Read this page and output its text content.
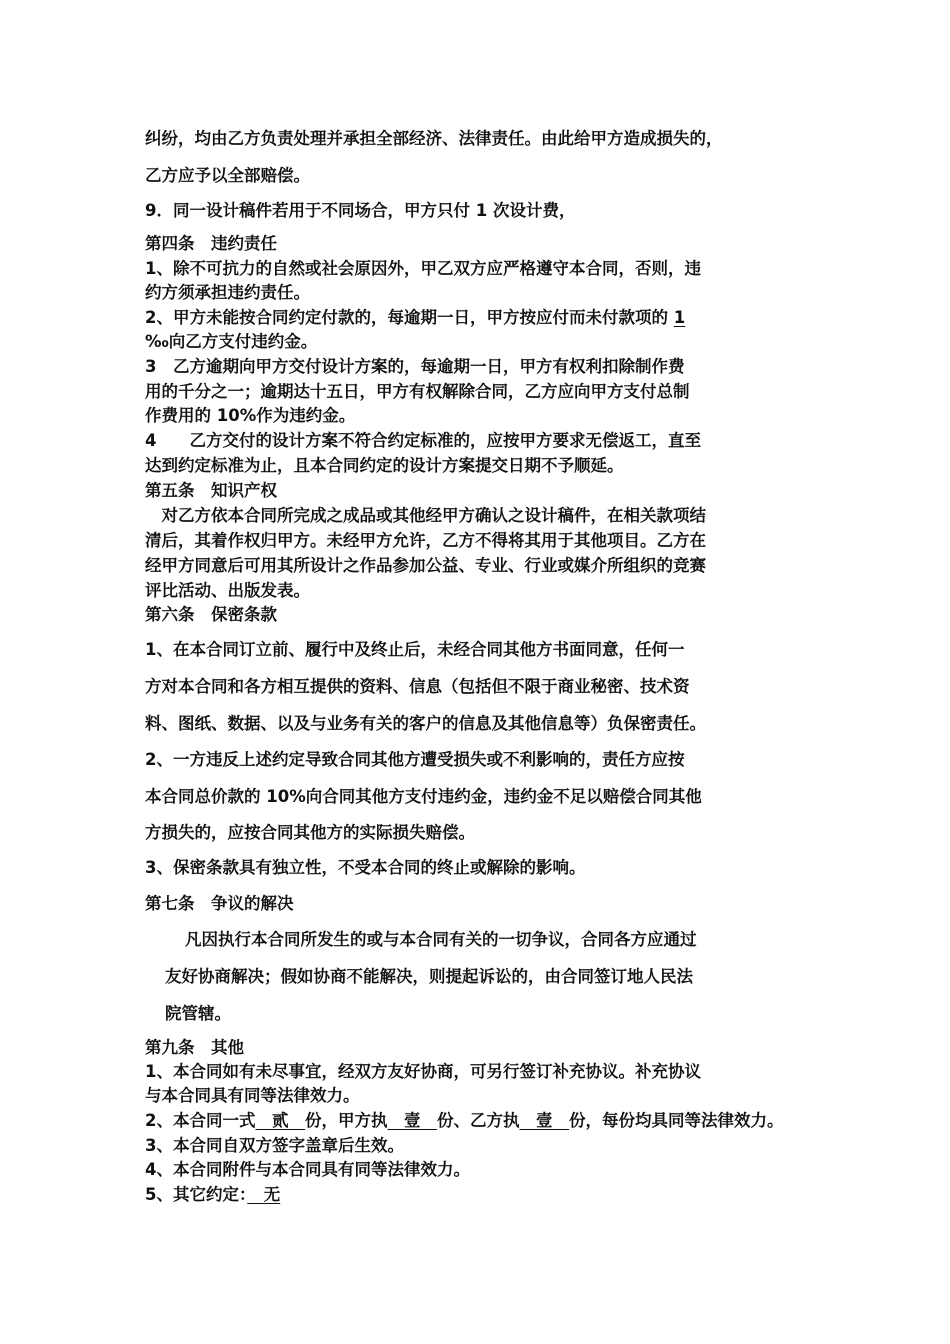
纠纷，均由乙方负责处理并承担全部经济、法律责任。由此给甲方造成损失的，
乙方应予以全部赔偿。
9．同一设计稿件若用于不同场合，甲方只付 1 次设计费，
第四条　违约责任
1、除不可抗力的自然或社会原因外，甲乙双方应严格遵守本合同，否则，违
约方须承担违约责任。
2、甲方未能按合同约定付款的，每逾期一日，甲方按应付而未付款项的 1
‰向乙方支付违约金。
3　乙方逾期向甲方交付设计方案的，每逾期一日，甲方有权利扣除制作费
用的千分之一；逾期达十五日，甲方有权解除合同，乙方应向甲方支付总制
作费用的 10%作为违约金。
4　　乙方交付的设计方案不符合约定标准的，应按甲方要求无偿返工，直至
达到约定标准为止，且本合同约定的设计方案提交日期不予顺延。
第五条　知识产权
　对乙方依本合同所完成之成品或其他经甲方确认之设计稿件，在相关款项结
清后，其着作权归甲方。未经甲方允许，乙方不得将其用于其他项目。乙方在
经甲方同意后可用其所设计之作品参加公益、专业、行业或媒介所组织的竞赛
评比活动、出版发表。
第六条　保密条款
1、在本合同订立前、履行中及终止后，未经合同其他方书面同意，任何一
方对本合同和各方相互提供的资料、信息（包括但不限于商业秘密、技术资
料、图纸、数据、以及与业务有关的客户的信息及其他信息等）负保密责任。
2、一方违反上述约定导致合同其他方遭受损失或不利影响的，责任方应按
本合同总价款的 10%向合同其他方支付违约金，违约金不足以赔偿合同其他
方损失的，应按合同其他方的实际损失赔偿。
3、保密条款具有独立性，不受本合同的终止或解除的影响。
第七条　争议的解决
凡因执行本合同所发生的或与本合同有关的一切争议，合同各方应通过
友好协商解决；假如协商不能解决，则提起诉讼的，由合同签订地人民法
院管辖。
第九条　其他
1、本合同如有未尽事宜，经双方友好协商，可另行签订补充协议。补充协议
与本合同具有同等法律效力。
2、本合同一式　贰　份，甲方执　壹　份、乙方执　壹　份，每份均具同等法律效力。
3、本合同自双方签字盖章后生效。
4、本合同附件与本合同具有同等法律效力。
5、其它约定：　无
